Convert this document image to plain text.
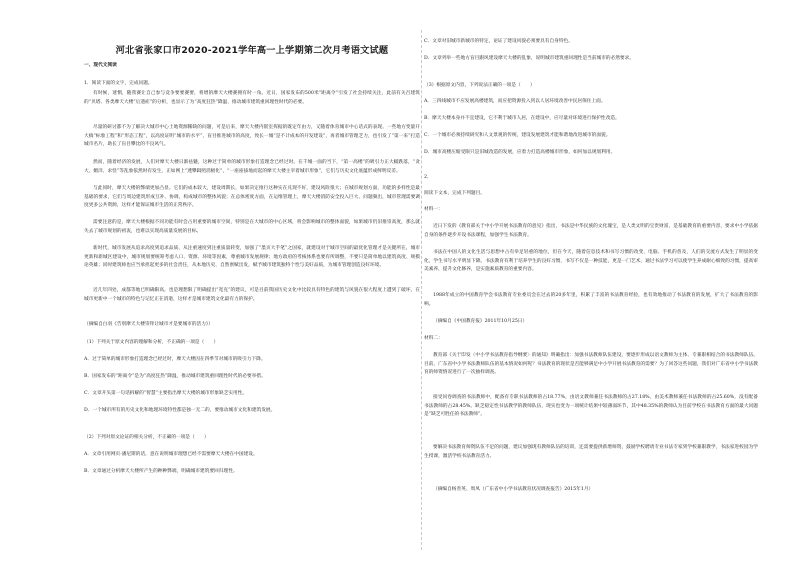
河北省张家口市2020-2021学年高一上学期第二次月考语文试题
一、现代文阅读
1．阅读下面的文字，完成问题。
有时候，迷惘，随我赛让自己参与竞争要要赛要，将增的摩天大楼赛拥有时一角。近日，国家发布的500米“距离令”引发了社会持续关注，此前有关召建筑的“贝塔、各类摩天大楼”后遗症”的分析，也显示了为“高度狂热”降温、推动城市建筑重回理性时代的必要。
尽量的研讨都不为了解决大城市中心土地资源稀缺的问题，可是后来，摩天大楼内嵌室挥据的既定年由力，又随着体育城市中心话式的表现。一些地方变量开大搞“标象工程”和“形态工程”，以高度证明“城市的水平”，盲目推进城市的高度，致长一城“是不计成本的开发建设”，再者城市管理乏力，也引发了“第一来”打造城市名片，助长了盲目攀比的不良风气。
然而，随着经济的发展，人们对摩天大楼日渐祛魅，这种过于简单的城市形象打造理念已经过时。在千城一面的当下，“第一高楼”的吸引力正大幅跌落，“贪大、媚洋、求怪”等乱象依然时有发生，正如网上“透攀辑照消极化”，“一座座拔地而起的摩天大楼主宰着城市形象”，它们与历史文化底蕴形成鲜明反差。
与此同时，摩天大楼的弊端更加凸显。它们的成本较大，建设周期长，如果决定推行这种实在兑现不好，建设风险很大；在城市规划方面，功能的多样性是最基础的要求，它们与周边建筑形成互补、协调，构成城市的整体风貌；在总体密度方面，在运维管理上，摩天大楼消防安全投入巨大、问题频出，城市管理需要调度更多公共资源，这样才能保证城市生活的正常秩序。
需要注意的是，摩天大楼根据不同功能有时会占用重要的城市空间，特别是在大城市的中心区域，将会影响城市的整体面貌，如果城市仍旧推崇高度，那么就失去了城市规划的初衷，也难以实现高质量发展的目标。
新时代，城市发展从追求高度到追求品质、从注重速度到注重质量转变，加强了“墨页大手笔”之国家，就建设对于城市空间的最优化管理才是关键所在，城市更新和新城区建设中，城市规划要统筹考虑人口、资源、环境等因素，尊重城市发展规律；地方政府的考核体系也要有所调整，不要只是简单地以建筑高度、规模论英雄；同时建筑师也应当承担起更多的社会责任，从本地历史、自然禀赋出发，赋予城市建筑独特个性与美好品质，为城市管理创造良好环境。
近几年四处，成都等地已明确限高，也是理想限了明确提出“宽克”的建议，可是目前我国历史文化中比较具有特色的建筑与风貌在很大程度上遭到了破坏，在城市更新中一个城市的特色与记忆正在消逝，这样才是城市建筑文化最有力的保护。
（摘编自白羽《告别摩天大楼崇拜让城市才是要城市的活力》）
（1）下列关于原文内容的理解和分析，不正确的一项是（　　）
A．过于简单的城市形象打造理念已经过时，摩天大楼因在四季节对城市的吸引力下降。
B．国家发布的“距离令”是为“高度狂热”降温，推动城市建筑重回理性时代的必要举措。
C．文章开头第一句话拆解的“智慧”主要指出摩天大楼的城市形象缺乏实用性。
D．一个城市所有的历史文化和地理环境特性都是独一无二的，要推动城市文化和建筑发展。
（2）下列对原文论证的相关分析，不正确的一项是（　　）
A．文章引用网页·潘尼斯的话，意在说明城市理想已经不需要摩天大楼在中国建设。
B．文章通过分析摩天大楼所产生的种种弊端，明确城市建筑要回归理性。
C．文章对旧城市新城市的特定，论证了建设风貌必须要具有自身特色。
D．文章列举一些地方盲目跟风建设摩天大楼的乱象，说明城市建筑重回理性是当前城市的必然要求。
（3）根据原文内容，下列说法正确的一项是（　　）
A．三四线城市不应发展高楼建筑，而应把资源投入到以人居环境改善中民居保住上面。
B．摩天大楼本身并不宜建设，它不利于城市人居，在建设中，应尽量对环境进行保护性改造。
C．一个城市必须持续研究和人文景观的传统，建设发展建筑才能和谐地改进城市的面貌。
D．城市高楼压缩受限只是旧城改造的发展，应着力打造高楼城市形象，如何加以规划利用。
2．
阅读下文本，完成下列题目。
材料一：
近日下发的《教育部关于中小学开展书法教育的意见》指出，书法是中华民族的文化瑰宝，是人类文明的宝贵财富，是基础教育的重要内容，要求中小学依据自身的条件逐步开设书法课程，加强学生书法教育。
书法在中国人的文化生活与思想中占有举足轻重的地位，但在今天，随着信息技术和书写习惯的改变，电脑、手机的普及，人们的交流方式发生了明显的变化，学生书写水平明显下降。书法教育有利于培养学生的良好习惯，书写不仅是一种技能，更是一门艺术，通过书法学习可以使学生养成耐心细致的习惯，提高审美素养，提升文化修养，是实施素质教育的重要内容。
1988年成立的中国教育学会书法教育专业委员会在过去的20多年里，积累了丰富的书法教育经验，也有效地推动了书法教育的发展，扩大了书法教育的影响。
（摘编自《中国教育报》2011年10月25日）
材料二：
教育部《关于印发〈中小学书法教育指导纲要〉的通知》明确指出：加强书法教师队伍建设，要逐步形成以语文教师为主体、专兼职相结合的书法教师队伍。目前，广东省中小学书法教师队伍的基本情况如何呢？书法教育的现状是否能够满足中小学开展书法教育的需要？为了回答这些问题，我们对广东省中小学书法教育的师资情况进行了一次抽样调查。
接受问卷调查的书法教师中，配备有专职书法教师的占18.77%，由语文教师兼任书法教师的占27.18%，由美术教师兼任书法教师的占25.60%，没有配备书法教师的占28.45%。缺乏稳定性书法教学的教师队伍，现实也变为一项统计结果中较薄弱环节，其中48.35%的教师认为目前学校在书法教育方面的最大问题是“缺乏可胜任的书法教师”。
要解决书法教育师资队伍不足的问题，建议加强现有教师队伍的培训，还需要提供新增师资，鼓励学校聘请专业书法专家到学校兼职教学，书法家进校园为学生授课，激活学校书法教育活力。
（摘编自杨善英、周凤（广东省中小学书法教育状况调查报告）2015年1月）
